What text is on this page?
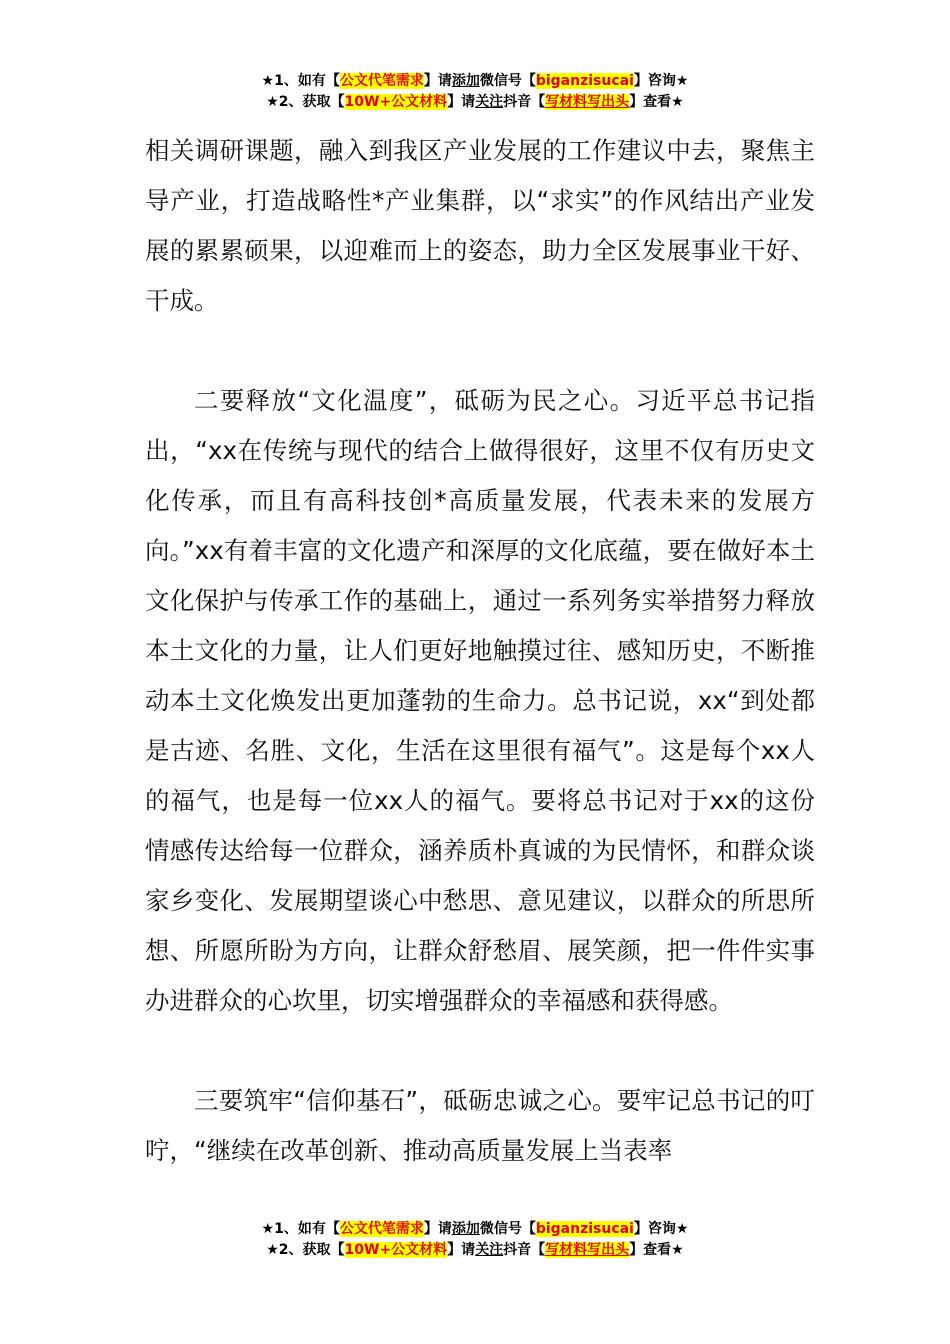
★1、如有【公文代笔需求】请添加微信号【biganzisucai】咨询★
★2、获取【10W+公文材料】请关注抖音【写材料写出头】查看★

相关调研课题，融入到我区产业发展的工作建议中去，聚焦主导产业，打造战略性*产业集群，以“求实”的作风结出产业发展的累累硕果，以迎难而上的姿态，助力全区发展事业干好、干成。

二要释放“文化温度”，砥砺为民之心。习近平总书记指出，“xx在传统与现代的结合上做得很好，这里不仅有历史文化传承，而且有高科技创*高质量发展，代表未来的发展方向。”xx有着丰富的文化遗产和深厚的文化底蕴，要在做好本土文化保护与传承工作的基础上，通过一系列务实举措努力释放本土文化的力量，让人们更好地触摸过往、感知历史，不断推动本土文化焕发出更加蓬勃的生命力。总书记说，xx“到处都是古迹、名胜、文化，生活在这里很有福气”。这是每个xx人的福气，也是每一位xx人的福气。要将总书记对于xx的这份情感传达给每一位群众，涵养质朴真诚的为民情怀，和群众谈家乡变化、发展期望谈心中愁思、意见建议，以群众的所思所想、所愿所盼为方向，让群众舒愁眉、展笑颜，把一件件实事办进群众的心坎里，切实增强群众的幸福感和获得感。

三要筑牢“信仰基石”，砥砺忠诚之心。要牢记总书记的叮咛，“继续在改革创新、推动高质量发展上当表率

★1、如有【公文代笔需求】请添加微信号【biganzisucai】咨询★
★2、获取【10W+公文材料】请关注抖音【写材料写出头】查看★
